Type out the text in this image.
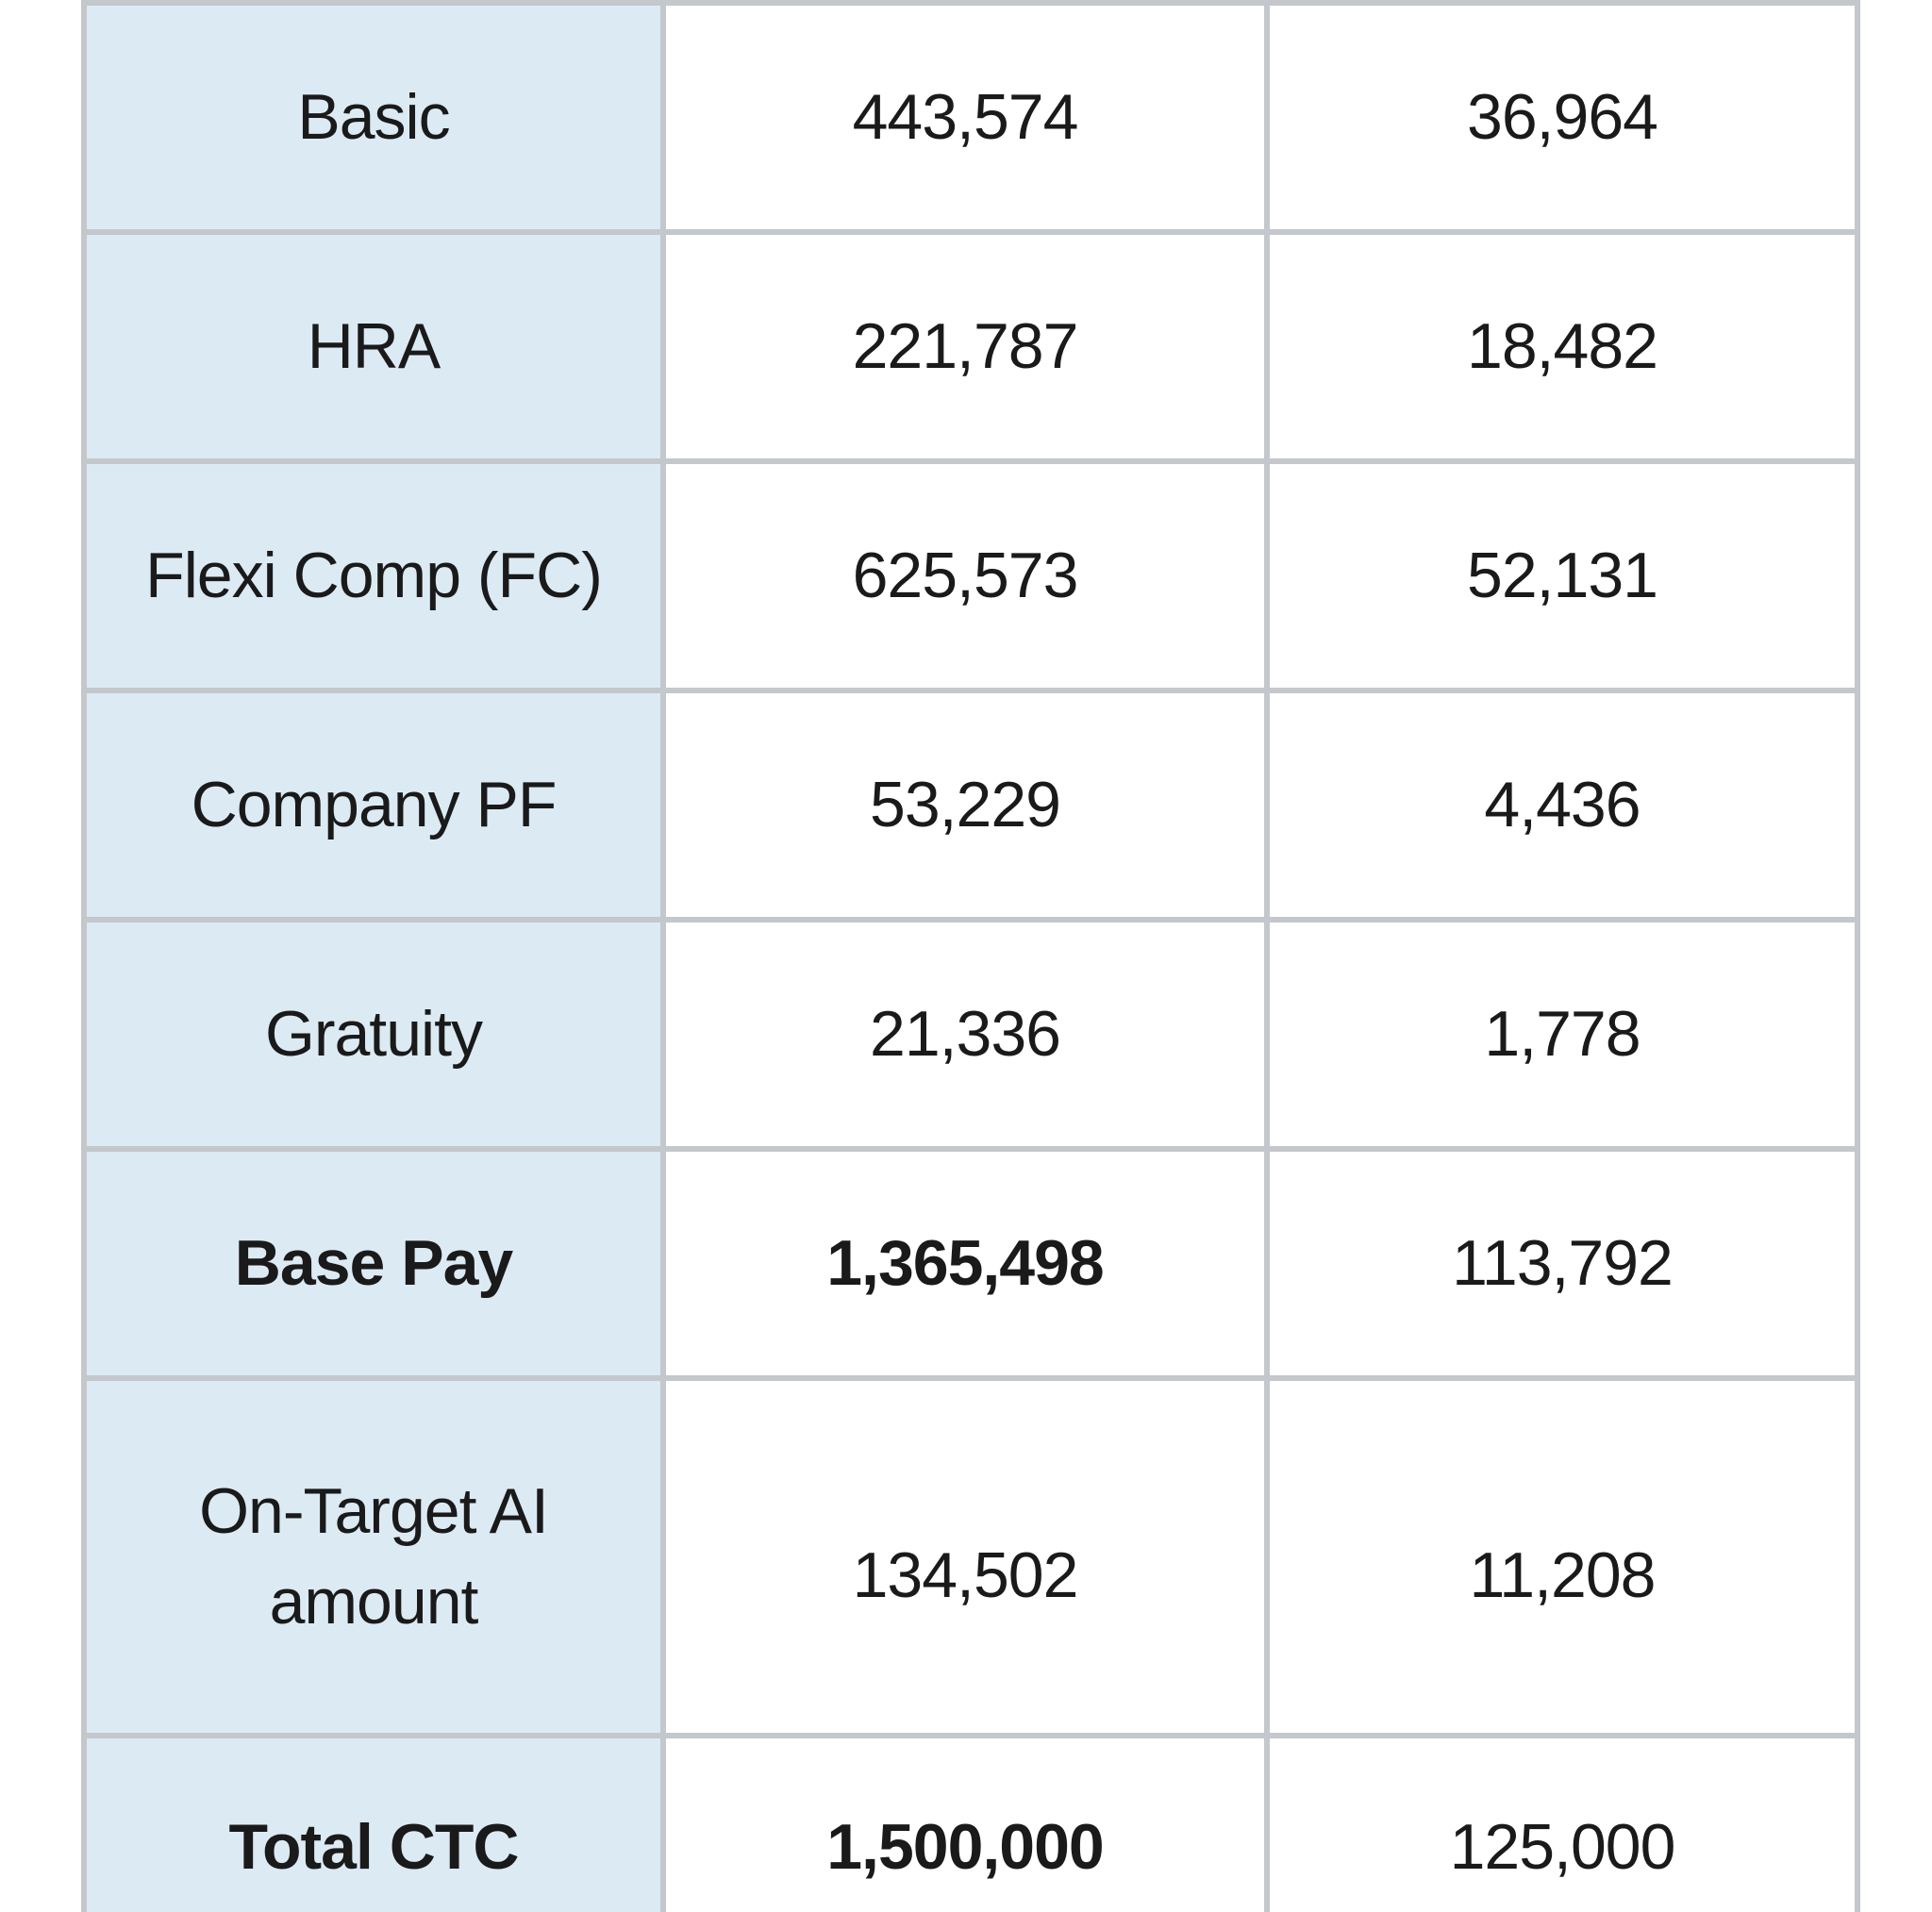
Basic	443,574	36,964
HRA	221,787	18,482
Flexi Comp (FC)	625,573	52,131
Company PF	53,229	4,436
Gratuity	21,336	1,778
Base Pay	1,365,498	113,792
On-Target AI amount	134,502	11,208
Total CTC	1,500,000	125,000
